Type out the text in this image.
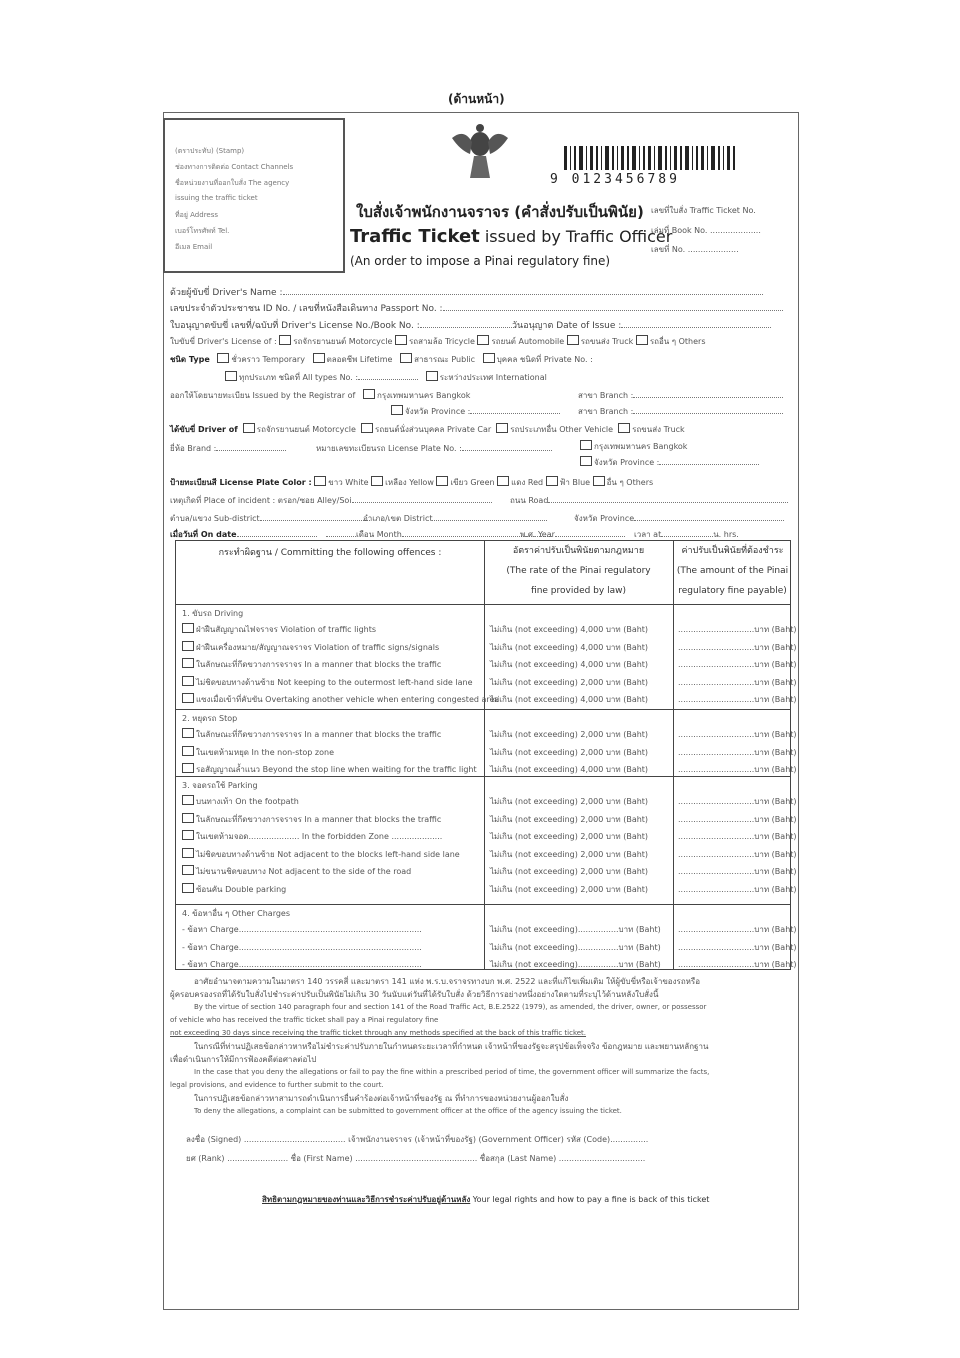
(ด้านหน้า)
(ตราประทับ) (Stamp)
ช่องทางการติดต่อ Contact Channels
ชื่อหน่วยงานที่ออกใบสั่ง The agency
issuing the traffic ticket
ที่อยู่ Address
เบอร์โทรศัพท์ Tel.
อีเมล Email
9 0123456789
ใบสั่งเจ้าพนักงานจราจร (คำสั่งปรับเป็นพินัย)
Traffic Ticket issued by Traffic Officer
(An order to impose a Pinai regulatory fine)
เลขที่ใบสั่ง Traffic Ticket No.
เล่มที่ Book No. ....................
เลขที่ No. ....................
ด้วยผู้ขับขี่ Driver's Name :
เลขประจำตัวประชาชน ID No. / เลขที่หนังสือเดินทาง Passport No. :
ใบอนุญาตขับขี่ เลขที่/ฉบับที่ Driver's License No./Book No. :	วันอนุญาต Date of Issue :
ใบขับขี่ Driver's License of : รถจักรยานยนต์ Motorcycle รถสามล้อ Tricycle รถยนต์ Automobile รถขนส่ง Truck รถอื่น ๆ Others
ชนิด Type	ชั่วคราว Temporary	ตลอดชีพ Lifetime	สาธารณะ Public	บุคคล ชนิดที่ Private No. :
ทุกประเภท ชนิดที่ All types No. :	ระหว่างประเทศ International
ออกให้โดยนายทะเบียน Issued by the Registrar of	กรุงเทพมหานคร Bangkok
จังหวัด Province :
สาขา Branch :
สาขา Branch :
ได้ขับขี่ Driver of รถจักรยานยนต์ Motorcycle รถยนต์นั่งส่วนบุคคล Private Car รถประเภทอื่น Other Vehicle รถขนส่ง Truck
ยี่ห้อ Brand :	หมายเลขทะเบียนรถ License Plate No. :	กรุงเทพมหานคร Bangkok
จังหวัด Province :
ป้ายทะเบียนสี License Plate Color : ขาว White เหลือง Yellow เขียว Green แดง Red ฟ้า Blue อื่น ๆ Others
เหตุเกิดที่ Place of incident : ตรอก/ซอย Alley/Soi	ถนน Road
ตำบล/แขวง Sub-district	อำเภอ/เขต District	จังหวัด Province
เมื่อวันที่ On date	เดือน Month	พ.ศ. Year	เวลา at	น. hrs.
กระทำผิดฐาน / Committing the following offences :	อัตราค่าปรับเป็นพินัยตามกฎหมาย
(The rate of the Pinai regulatory
fine provided by law)
ค่าปรับเป็นพินัยที่ต้องชำระ
(The amount of the Pinai
regulatory fine payable)
1. ขับรถ Driving
ฝ่าฝืนสัญญาณไฟจราจร Violation of traffic lights	ไม่เกิน (not exceeding) 4,000 บาท (Baht)	..............................บาท (Baht)
ฝ่าฝืนเครื่องหมาย/สัญญาณจราจร Violation of traffic signs/signals	ไม่เกิน (not exceeding) 4,000 บาท (Baht)	..............................บาท (Baht)
ในลักษณะที่กีดขวางการจราจร In a manner that blocks the traffic	ไม่เกิน (not exceeding) 4,000 บาท (Baht)	..............................บาท (Baht)
ไม่ชิดขอบทางด้านซ้าย Not keeping to the outermost left-hand side lane ไม่เกิน (not exceeding) 2,000 บาท (Baht)	..............................บาท (Baht)
แซงเมื่อเข้าที่คับขัน Overtaking another vehicle when entering congested area
ไม่เกิน (not exceeding) 4,000 บาท (Baht)	..............................บาท (Baht)
2. หยุดรถ Stop
ในลักษณะที่กีดขวางการจราจร In a manner that blocks the traffic	ไม่เกิน (not exceeding) 2,000 บาท (Baht)	..............................บาท (Baht)
ในเขตห้ามหยุด In the non-stop zone	ไม่เกิน (not exceeding) 2,000 บาท (Baht)	..............................บาท (Baht)
รอสัญญาณล้ำแนว Beyond the stop line when waiting for the traffic light ไม่เกิน (not exceeding) 4,000 บาท (Baht)	..............................บาท (Baht)
3. จอดรถใช้ Parking
บนทางเท้า On the footpath	ไม่เกิน (not exceeding) 2,000 บาท (Baht)	..............................บาท (Baht)
ในลักษณะที่กีดขวางการจราจร In a manner that blocks the traffic	ไม่เกิน (not exceeding) 2,000 บาท (Baht)	..............................บาท (Baht)
ในเขตห้ามจอด.................... In the forbidden Zone ....................	ไม่เกิน (not exceeding) 2,000 บาท (Baht)	..............................บาท (Baht)
ไม่ชิดขอบทางด้านซ้าย Not adjacent to the blocks left-hand side lane	ไม่เกิน (not exceeding) 2,000 บาท (Baht)	..............................บาท (Baht)
ไม่ขนานชิดขอบทาง Not adjacent to the side of the road	ไม่เกิน (not exceeding) 2,000 บาท (Baht)	..............................บาท (Baht)
ซ้อนคัน Double parking	ไม่เกิน (not exceeding) 2,000 บาท (Baht)	..............................บาท (Baht)
4. ข้อหาอื่น ๆ Other Charges
- ข้อหา Charge........................................................................	ไม่เกิน (not exceeding)................บาท (Baht) ..............................บาท (Baht)
- ข้อหา Charge........................................................................	ไม่เกิน (not exceeding)................บาท (Baht) ..............................บาท (Baht)
- ข้อหา Charge........................................................................	ไม่เกิน (not exceeding)................บาท (Baht) ..............................บาท (Baht)
อาศัยอำนาจตามความในมาตรา 140 วรรคสี่ และมาตรา 141 แห่ง พ.ร.บ.จราจรทางบก พ.ศ. 2522 และที่แก้ไขเพิ่มเติม ให้ผู้ขับขี่หรือเจ้าของรถหรือ
ผู้ครอบครองรถที่ได้รับใบสั่งไปชำระค่าปรับเป็นพินัยไม่เกิน 30 วันนับแต่วันที่ได้รับใบสั่ง ด้วยวิธีการอย่างหนึ่งอย่างใดตามที่ระบุไว้ด้านหลังใบสั่งนี้
By the virtue of section 140 paragraph four and section 141 of the Road Traffic Act, B.E.2522 (1979), as amended, the driver, owner, or possessor
of vehicle who has received the traffic ticket shall pay a Pinai regulatory fine
not exceeding 30 days since receiving the traffic ticket through any methods specified at the back of this traffic ticket.
ในกรณีที่ท่านปฏิเสธข้อกล่าวหาหรือไม่ชำระค่าปรับภายในกำหนดระยะเวลาที่กำหนด เจ้าหน้าที่ของรัฐจะสรุปข้อเท็จจริง ข้อกฎหมาย และพยานหลักฐาน
เพื่อดำเนินการให้มีการฟ้องคดีต่อศาลต่อไป
In the case that you deny the allegations or fail to pay the fine within a prescribed period of time, the government officer will summarize the facts,
legal provisions, and evidence to further submit to the court.
ในการปฏิเสธข้อกล่าวหาสามารถดำเนินการยื่นคำร้องต่อเจ้าหน้าที่ของรัฐ ณ ที่ทำการของหน่วยงานผู้ออกใบสั่ง
To deny the allegations, a complaint can be submitted to government officer at the office of the agency issuing the ticket.
ลงชื่อ (Signed) ........................................ เจ้าพนักงานจราจร (เจ้าหน้าที่ของรัฐ) (Government Officer) รหัส (Code)...............
ยศ (Rank) ........................ ชื่อ (First Name) ................................................ ชื่อสกุล (Last Name) ..................................
สิทธิตามกฎหมายของท่านและวิธีการชำระค่าปรับอยู่ด้านหลัง Your legal rights and how to pay a fine is back of this ticket
